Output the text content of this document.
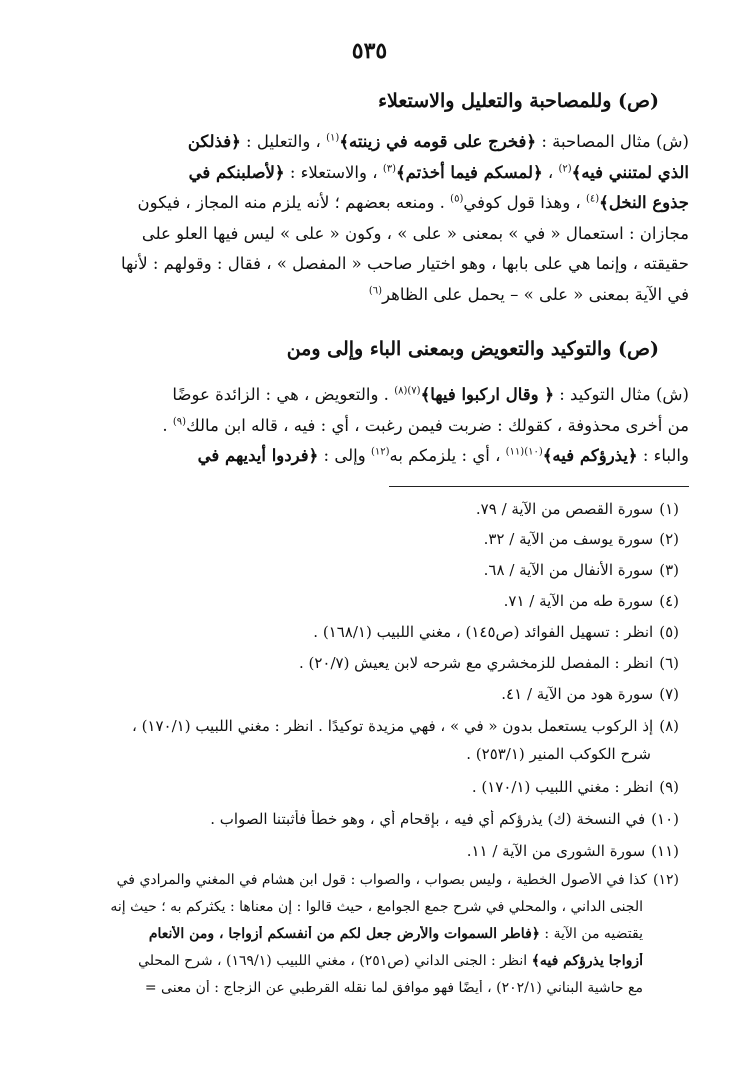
٥٣٥
(ص) وللمصاحبة والتعليل والاستعلاء
(ش) مثال المصاحبة : ﴿فخرج على قومه في زينته﴾$^{(١)}$ ، والتعليل : ﴿فذلكن
الذي لمتنني فيه﴾$^{(٢)}$ ، ﴿لمسكم فيما أخذتم﴾$^{(٣)}$ ، والاستعلاء : ﴿لأصلبنكم في
جذوع النخل﴾$^{(٤)}$ ، وهذا قول كوفي$^{(٥)}$ . ومنعه بعضهم ؛ لأنه يلزم منه المجاز ، فيكون
مجازان : استعمال « في » بمعنى « على » ، وكون « على » ليس فيها العلو على
حقيقته ، وإنما هي على بابها ، وهو اختيار صاحب « المفصل » ، فقال : وقولهم : لأنها
في الآية بمعنى « على » – يحمل على الظاهر$^{(٦)}$
(ص) والتوكيد والتعويض وبمعنى الباء وإلى ومن
(ش) مثال التوكيد : ﴿ وقال اركبوا فيها﴾$^{(٧)(٨)}$ . والتعويض ، هي : الزائدة عوضًا
من أخرى محذوفة ، كقولك : ضربت فيمن رغبت ، أي : فيه ، قاله ابن مالك$^{(٩)}$ .
والباء : ﴿يذرؤكم فيه﴾$^{(١٠)(١١)}$ ، أي : يلزمكم به$^{(١٢)}$ وإلى : ﴿فردوا أيديهم في
(١)سورة القصص من الآية / ٧٩.
(٢)سورة يوسف من الآية / ٣٢.
(٣)سورة الأنفال من الآية / ٦٨.
(٤)سورة طه من الآية / ٧١.
(٥)انظر : تسهيل الفوائد (ص١٤٥) ، مغني اللبيب (١٦٨/١) .
(٦)انظر : المفصل للزمخشري مع شرحه لابن يعيش (٢٠/٧) .
(٧)سورة هود من الآية / ٤١.
(٨)إذ الركوب يستعمل بدون « في » ، فهي مزيدة توكيدًا . انظر : مغني اللبيب (١٧٠/١) ،
شرح الكوكب المنير (٢٥٣/١) .
(٩)انظر : مغني اللبيب (١٧٠/١) .
(١٠)في النسخة (ك) يذرؤكم أي فيه ، بإقحام أي ، وهو خطأ فأثبتنا الصواب .
(١١)سورة الشورى من الآية / ١١.
(١٢)كذا في الأصول الخطية ، وليس بصواب ، والصواب : قول ابن هشام في المغني والمرادي في
الجنى الداني ، والمحلي في شرح جمع الجوامع ، حيث قالوا : إن معناها : يكثركم به ؛ حيث إنه
يقتضيه من الآية : ﴿فاطر السموات والأرض جعل لكم من أنفسكم أزواجا ، ومن الأنعام
أزواجا يذرؤكم فيه﴾ انظر : الجنى الداني (ص٢٥١) ، مغني اللبيب (١٦٩/١) ، شرح المحلي
مع حاشية البناني (٢٠٢/١) ، أيضًا فهو موافق لما نقله القرطبي عن الزجاج : أن معنى =
